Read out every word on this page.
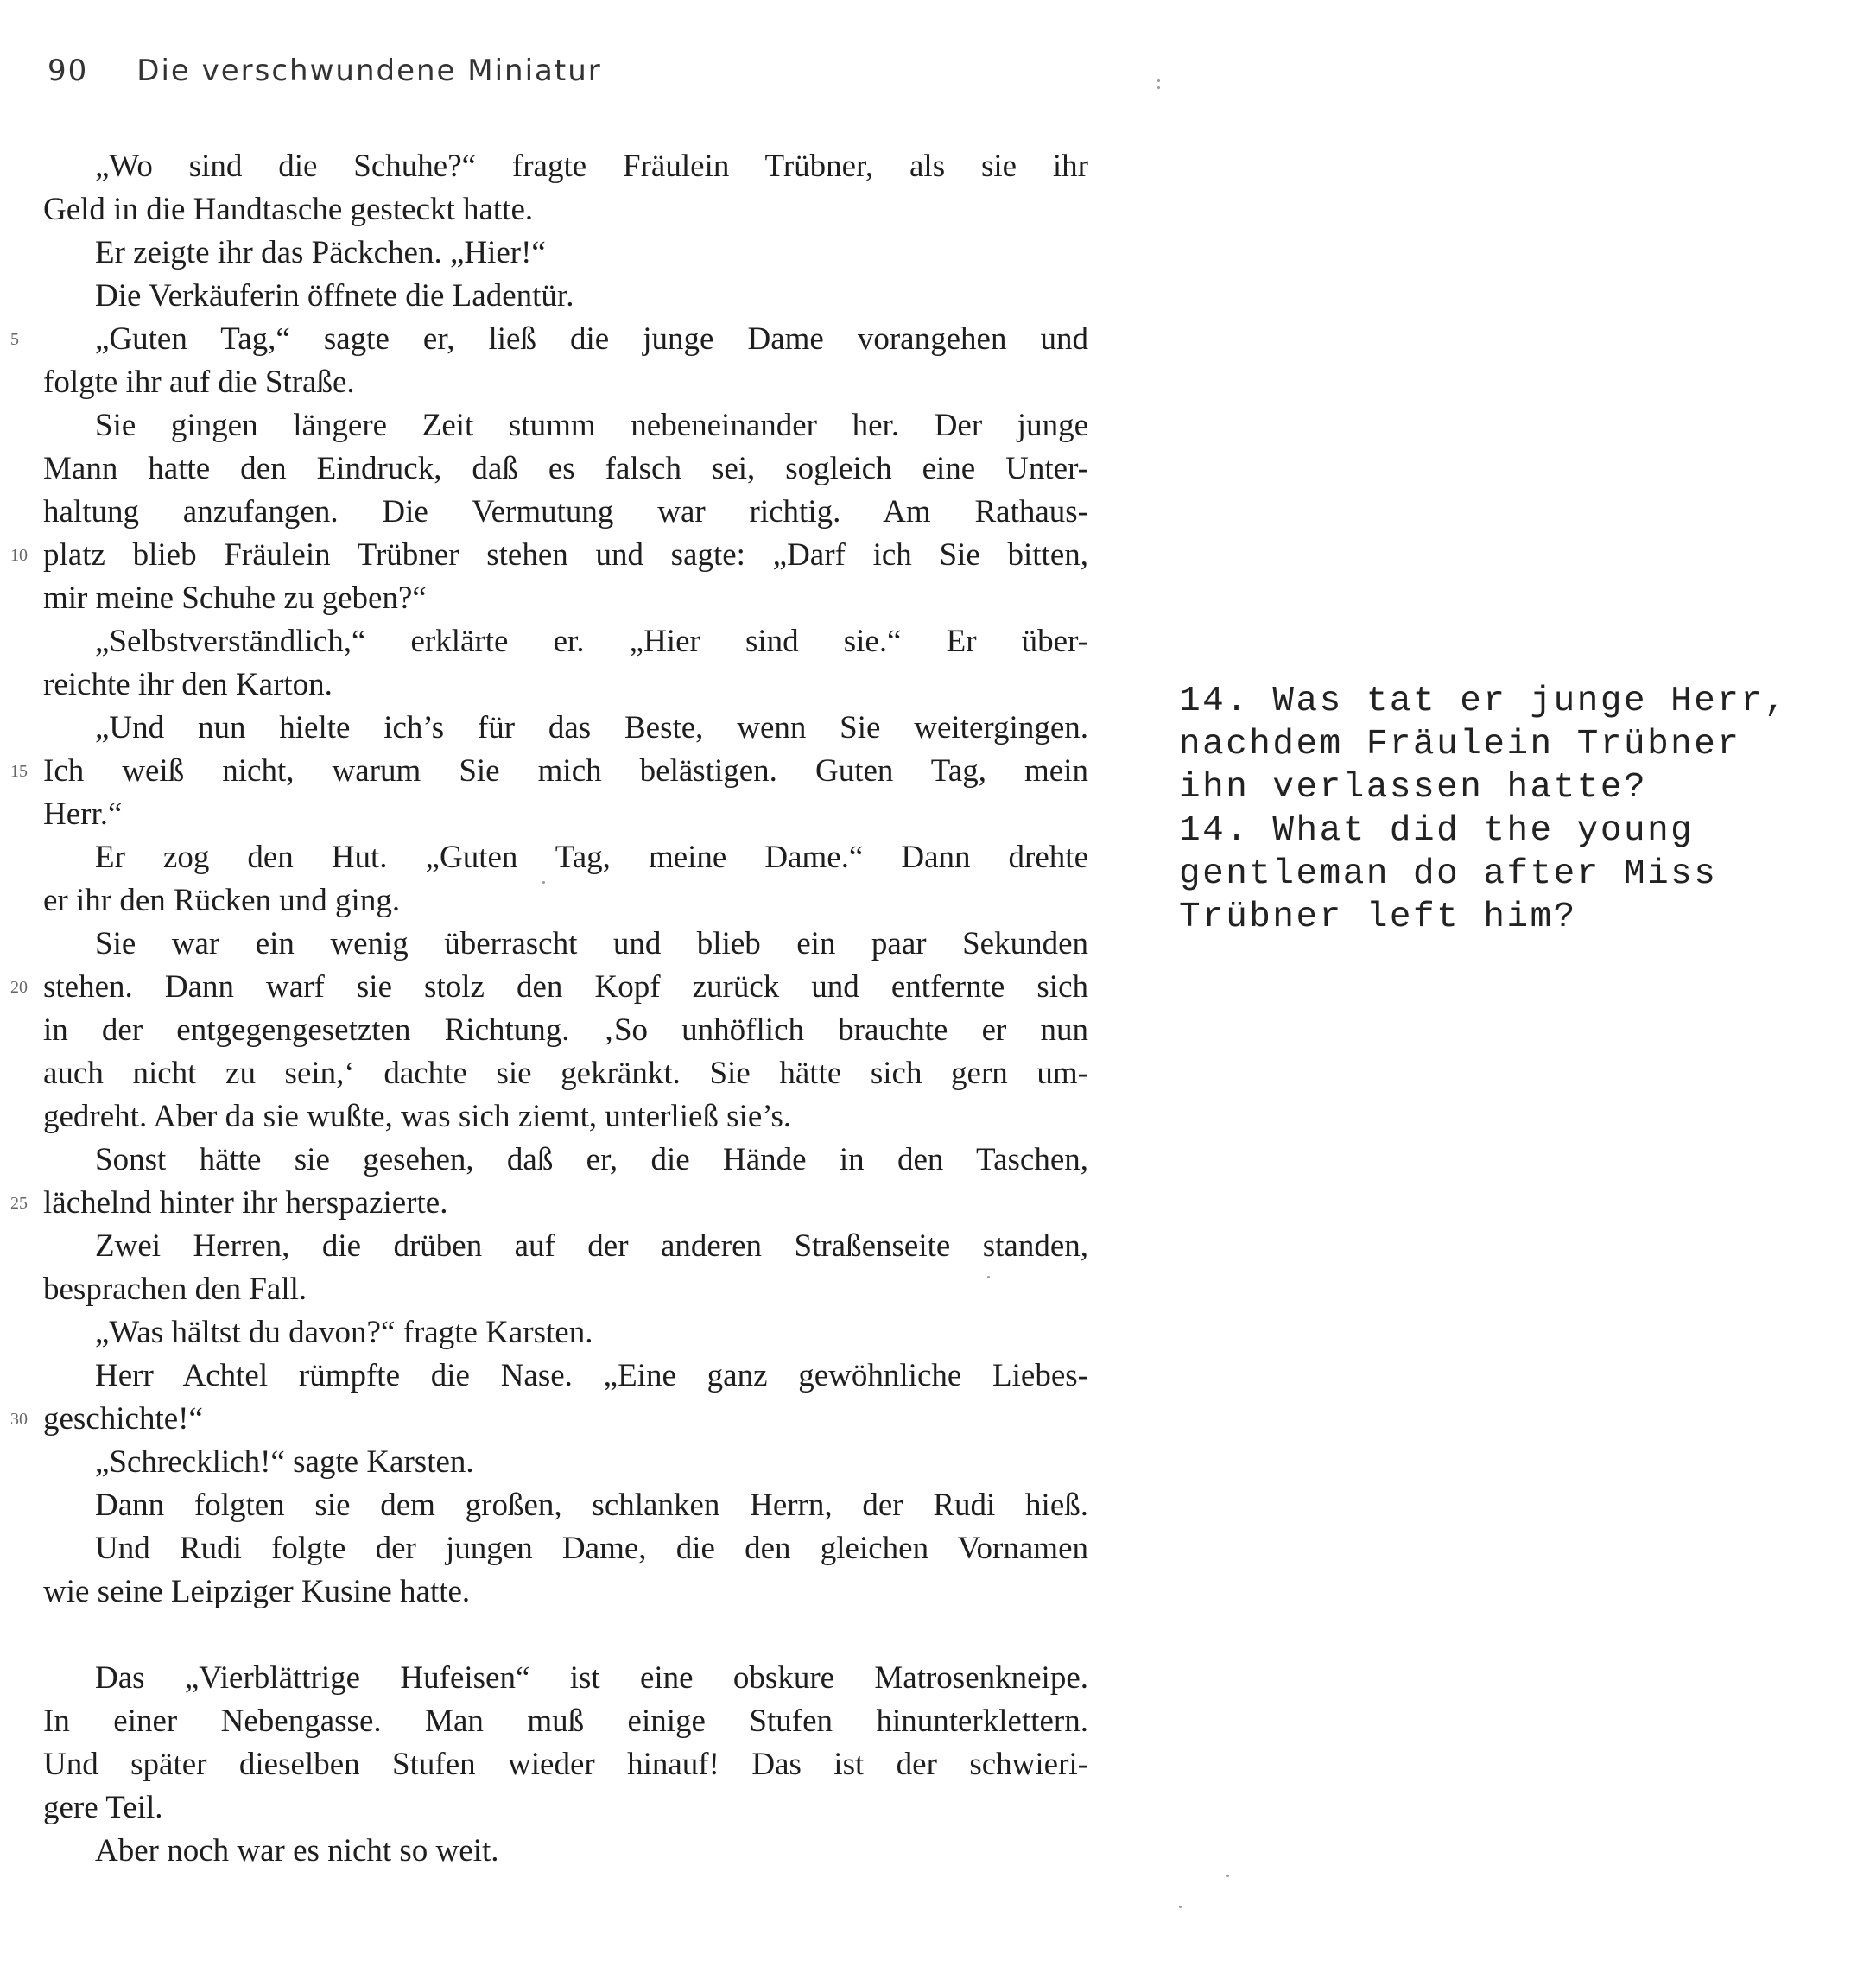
90 Die verschwundene Miniatur
„Wo sind die Schuhe?“ fragte Fräulein Trübner, als sie ihr
Geld in die Handtasche gesteckt hatte.
Er zeigte ihr das Päckchen. „Hier!“
Die Verkäuferin öffnete die Ladentür.
5	„Guten Tag,“ sagte er, ließ die junge Dame vorangehen und
folgte ihr auf die Straße.
Sie gingen längere Zeit stumm nebeneinander her. Der junge
Mann hatte den Eindruck, daß es falsch sei, sogleich eine Unter-
haltung anzufangen. Die Vermutung war richtig. Am Rathaus-
10 platz blieb Fräulein Trübner stehen und sagte: „Darf ich Sie bitten,
mir meine Schuhe zu geben?“
„Selbstverständlich,“ erklärte er. „Hier sind sie.“ Er über-
reichte ihr den Karton.
„Und nun hielte ich’s für das Beste, wenn Sie weitergingen.
15 Ich weiß nicht, warum Sie mich belästigen. Guten Tag, mein
Herr.“
Er zog den Hut. „Guten Tag, meine Dame.“ Dann drehte
er ihr den Rücken und ging.
Sie war ein wenig überrascht und blieb ein paar Sekunden
20 stehen. Dann warf sie stolz den Kopf zurück und entfernte sich
in der entgegengesetzten Richtung. ‚So unhöflich brauchte er nun
auch nicht zu sein,‘ dachte sie gekränkt. Sie hätte sich gern um-
gedreht. Aber da sie wußte, was sich ziemt, unterließ sie’s.
Sonst hätte sie gesehen, daß er, die Hände in den Taschen,
25 lächelnd hinter ihr herspazierte.
Zwei Herren, die drüben auf der anderen Straßenseite standen,
besprachen den Fall.
„Was hältst du davon?“ fragte Karsten.
Herr Achtel rümpfte die Nase. „Eine ganz gewöhnliche Liebes-
30 geschichte!“
„Schrecklich!“ sagte Karsten.
Dann folgten sie dem großen, schlanken Herrn, der Rudi hieß.
Und Rudi folgte der jungen Dame, die den gleichen Vornamen
wie seine Leipziger Kusine hatte.
Das „Vierblättrige Hufeisen“ ist eine obskure Matrosenkneipe.
In einer Nebengasse. Man muß einige Stufen hinunterklettern.
Und später dieselben Stufen wieder hinauf! Das ist der schwieri-
gere Teil.
Aber noch war es nicht so weit.
14. Was tat er junge Herr, nachdem Fräulein Trübner ihn verlassen hatte?
14. What did the young gentleman do after Miss Trübner left him?
